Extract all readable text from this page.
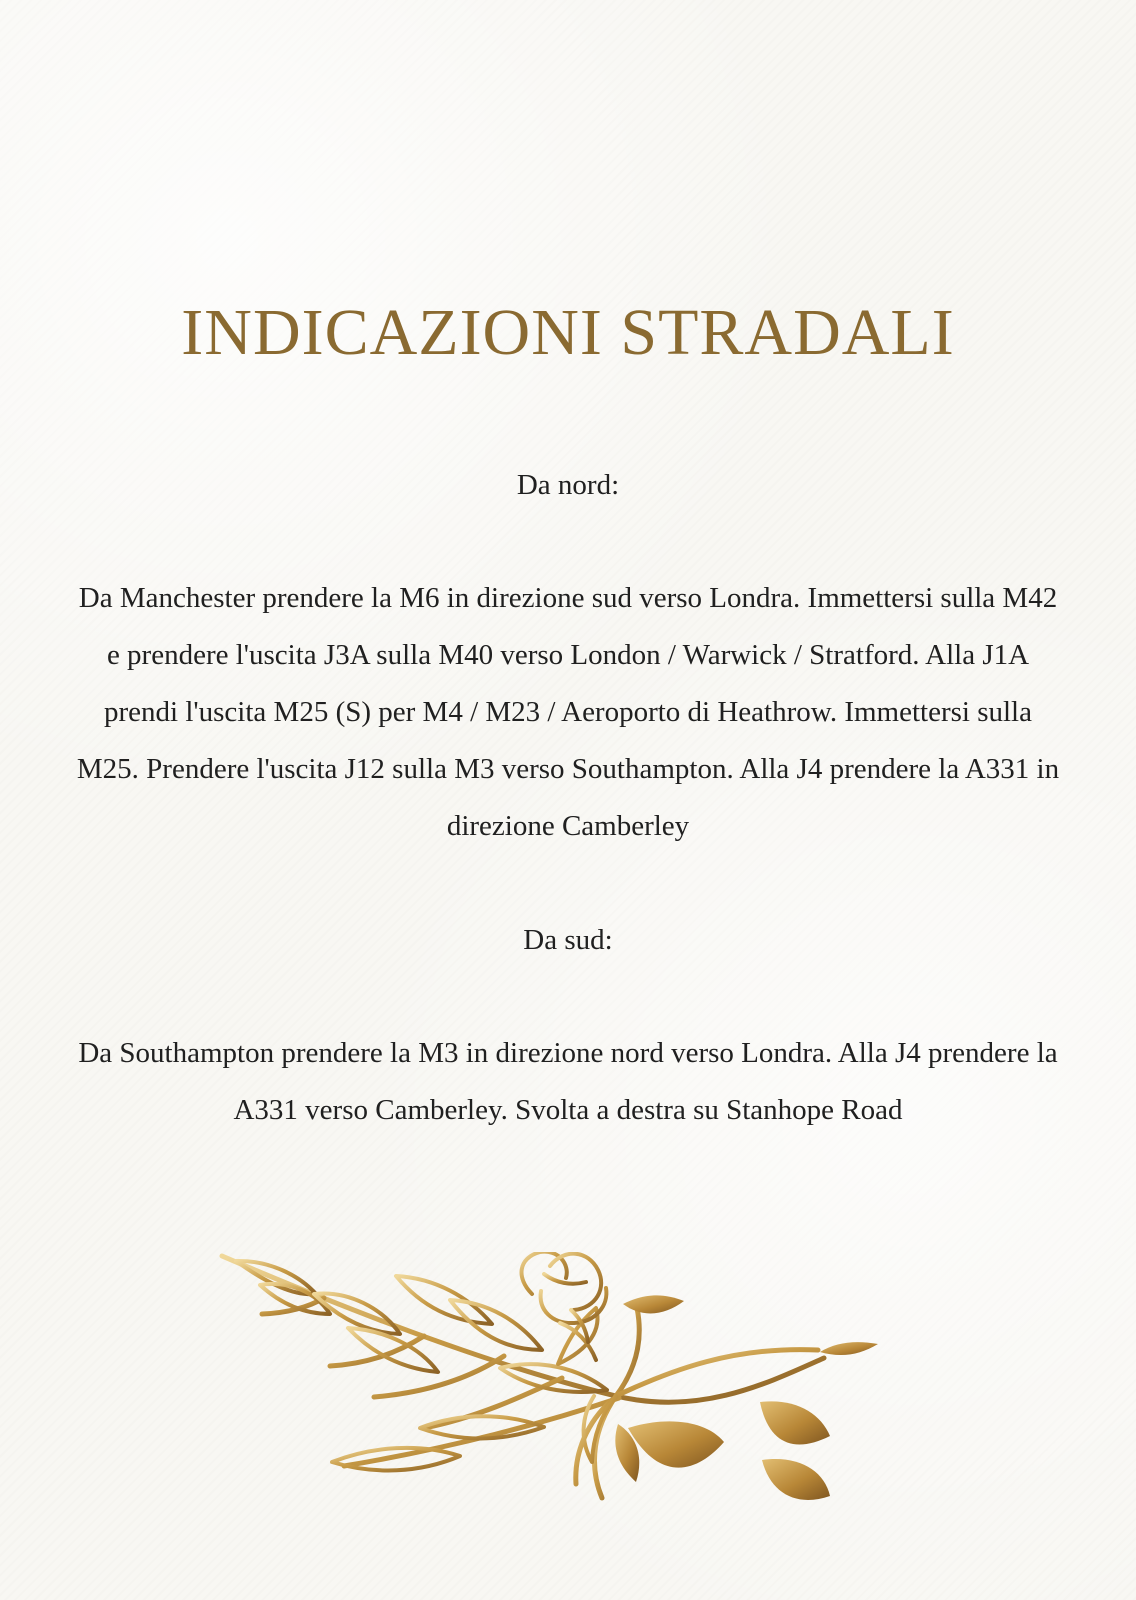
INDICAZIONI STRADALI

Da nord:

Da Manchester prendere la M6 in direzione sud verso Londra. Immettersi sulla M42 e prendere l'uscita J3A sulla M40 verso London / Warwick / Stratford. Alla J1A prendi l'uscita M25 (S) per M4 / M23 / Aeroporto di Heathrow. Immettersi sulla M25. Prendere l'uscita J12 sulla M3 verso Southampton. Alla J4 prendere la A331 in direzione Camberley

Da sud:

Da Southampton prendere la M3 in direzione nord verso Londra. Alla J4 prendere la A331 verso Camberley. Svolta a destra su Stanhope Road
